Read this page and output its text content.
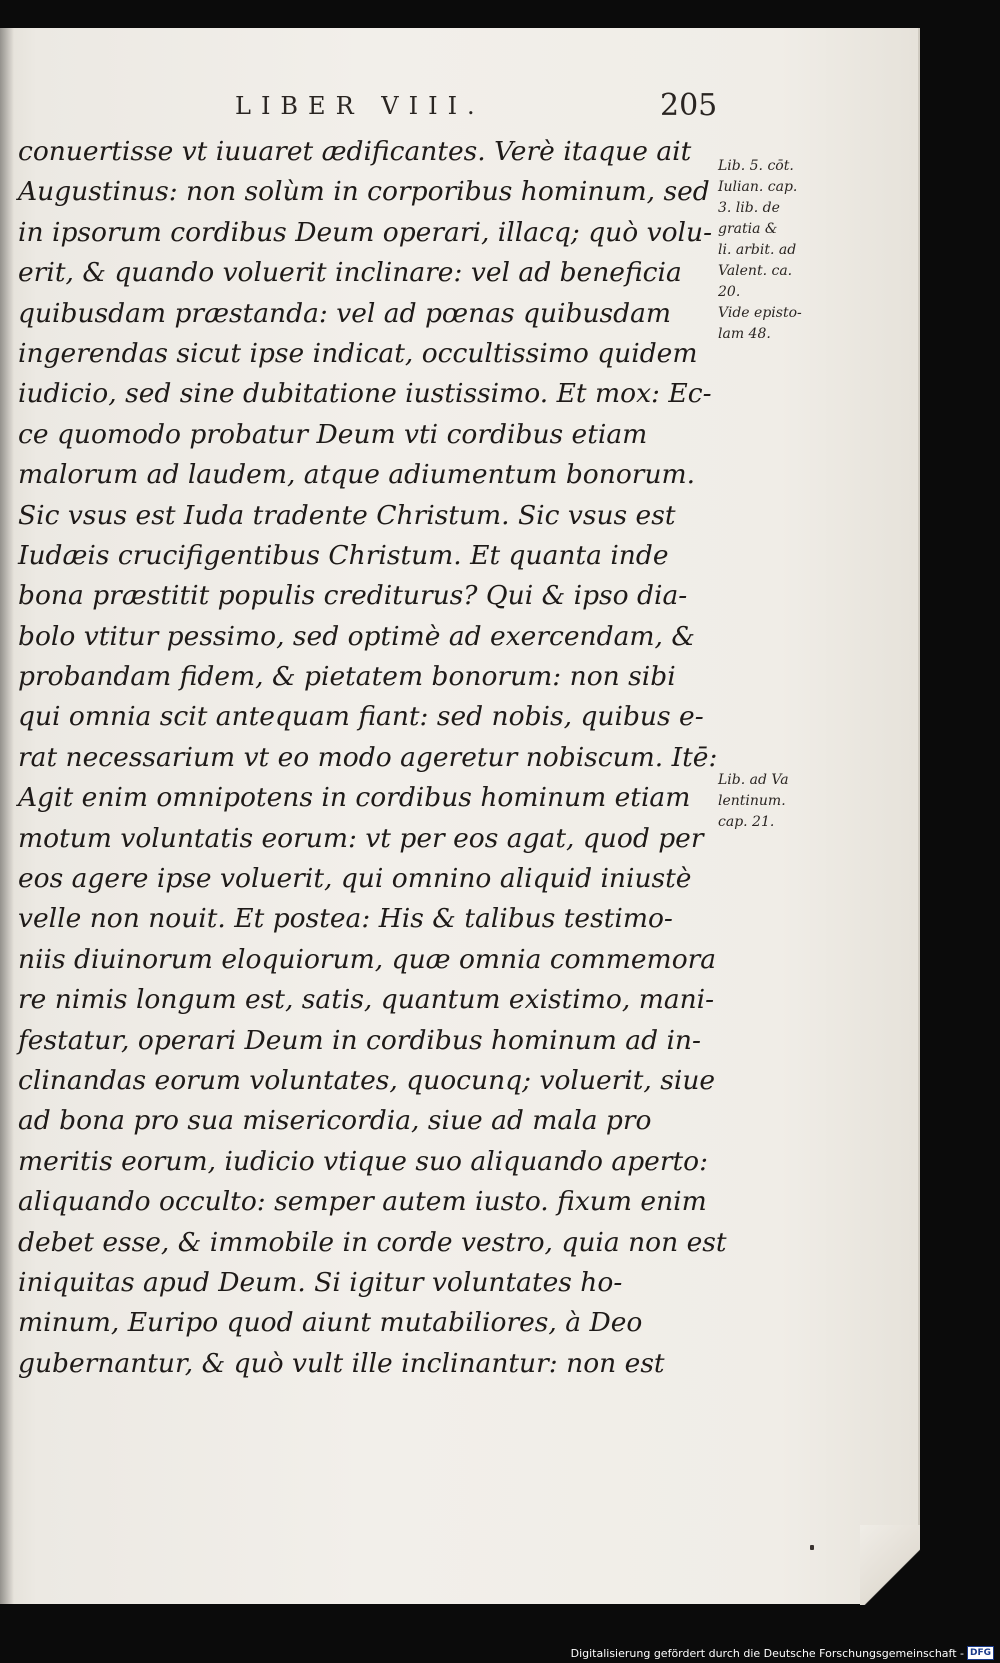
LIBER VIII.	205
conuertisse vt iuuaret ædificantes. Verè itaque ait
Augustinus: non solùm in corporibus hominum, sed
in ipsorum cordibus Deum operari, illacq; quò volu-
erit, & quando voluerit inclinare: vel ad beneficia
quibusdam præstanda: vel ad pœnas quibusdam
ingerendas sicut ipse indicat, occultissimo quidem
iudicio, sed sine dubitatione iustissimo. Et mox: Ec-
ce quomodo probatur Deum vti cordibus etiam
malorum ad laudem, atque adiumentum bonorum.
Sic vsus est Iuda tradente Christum. Sic vsus est
Iudæis crucifigentibus Christum. Et quanta inde
bona præstitit populis crediturus? Qui & ipso dia-
bolo vtitur pessimo, sed optimè ad exercendam, &
probandam fidem, & pietatem bonorum: non sibi
qui omnia scit antequam fiant: sed nobis, quibus e-
rat necessarium vt eo modo ageretur nobiscum. Itē:
Agit enim omnipotens in cordibus hominum etiam
motum voluntatis eorum: vt per eos agat, quod per
eos agere ipse voluerit, qui omnino aliquid iniustè
velle non nouit. Et postea: His & talibus testimo-
niis diuinorum eloquiorum, quæ omnia commemora
re nimis longum est, satis, quantum existimo, mani-
festatur, operari Deum in cordibus hominum ad in-
clinandas eorum voluntates, quocunq; voluerit, siue
ad bona pro sua misericordia, siue ad mala pro
meritis eorum, iudicio vtique suo aliquando aperto:
aliquando occulto: semper autem iusto. fixum enim
debet esse, & immobile in corde vestro, quia non est
iniquitas apud Deum. Si igitur voluntates ho-
minum, Euripo quod aiunt mutabiliores, à Deo
gubernantur, & quò vult ille inclinantur: non est
Lib. 5. cōt.
Iulian. cap.
3. lib. de
gratia &
li. arbit. ad
Valent. ca.
20.
Vide episto-
lam 48.
Lib. ad Va
lentinum.
cap. 21.
Digitalisierung gefördert durch die Deutsche Forschungsgemeinschaft - DFG
